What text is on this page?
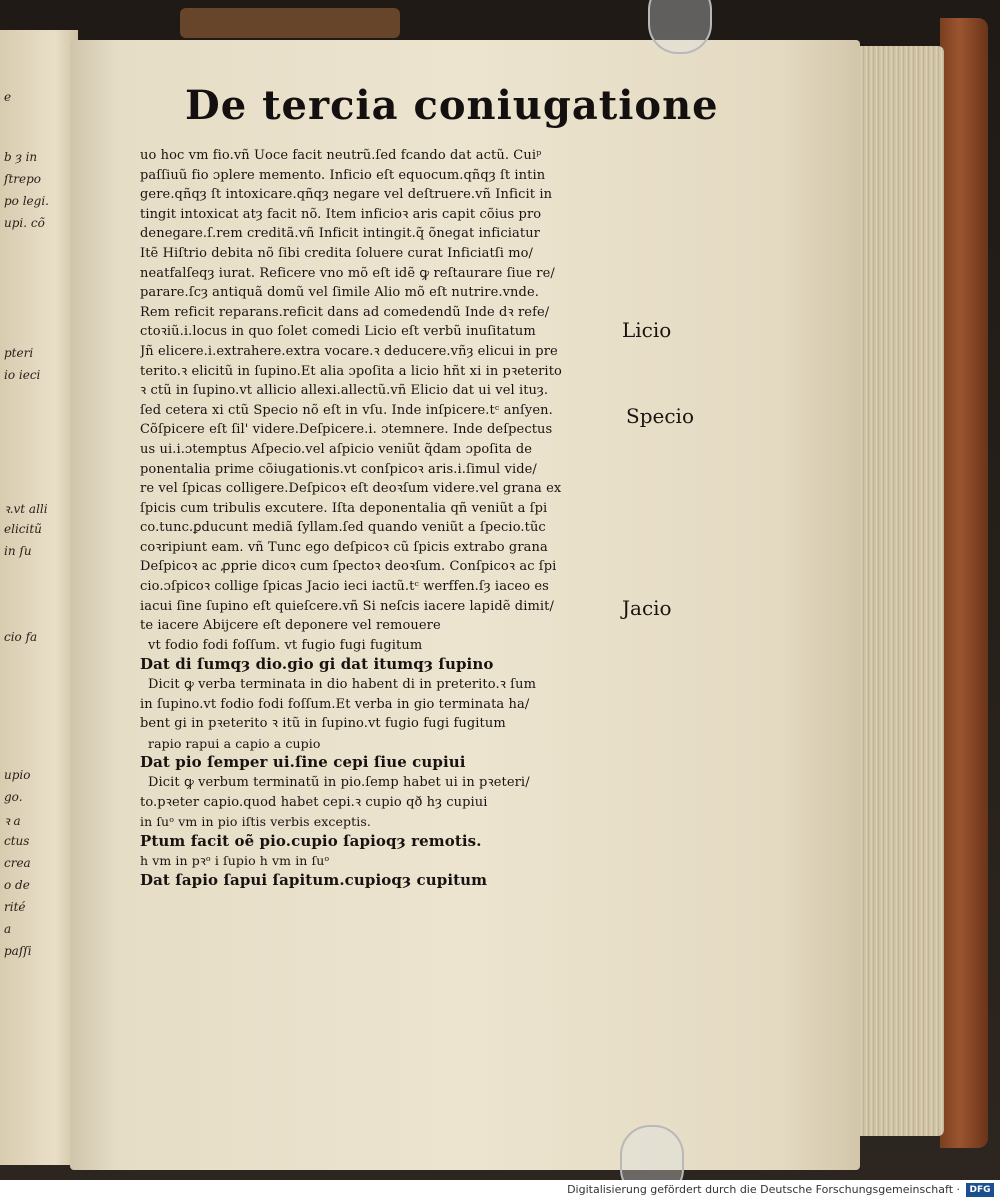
e
b ȝ in
ſtrepo
po legi.
upi. cõ
pteri
io ieci
ꝛ.vt alli
elicitũ
in ſu
cio fa
upio
go.
ꝛ a
ctus
crea
o de
rité
a
paſſi
De tercia coniugatione
uo hoc vm fio.vñ Uoce facit neutrũ.ſed fcando dat actũ. Cuiᵖ
paſſiuũ fio ɔplere memento. Inficio eſt equocum.qñqȝ ſt intin
gere.qñqȝ ſt intoxicare.qñqȝ negare vel deſtruere.vñ Inficit in
tingit intoxicat atȝ facit nõ. Item inficioꝛ aris capit cõius pro
denegare.ſ.rem creditã.vñ Inficit intingit.q̃ õnegat inficiatur
Itẽ Hiſtrio debita nõ ſibi credita ſoluere curat Inficiatſi mo/
neatfalſeqȝ iurat. Reficere vno mõ eſt idẽ ꝙ reſtaurare ſiue re/
parare.ſcȝ antiquã domũ vel ſimile Alio mõ eſt nutrire.vnde.
Rem reficit reparans.reficit dans ad comedendũ Inde dꝛ refe/
ctoꝛiũ.i.locus in quo ſolet comedi Licio eſt verbũ inuſitatum
Jñ elicere.i.extrahere.extra vocare.ꝛ deducere.vñȝ elicui in pre
terito.ꝛ elicitũ in ſupino.Et alia ɔpoſita a licio hñt xi in pꝛeterito
ꝛ ctũ in ſupino.vt allicio allexi.allectũ.vñ Elicio dat ui vel ituȝ.
ſed cetera xi ctũ Specio nõ eſt in vſu. Inde inſpicere.tᶜ anſyen.
Cõſpicere eſt ſil' videre.Deſpicere.i. ɔtemnere. Inde deſpectus
us ui.i.ɔtemptus Aſpecio.vel aſpicio veniũt q̃dam ɔpoſita de
ponentalia prime cõiugationis.vt conſpicoꝛ aris.i.ſimul vide/
re vel ſpicas colligere.Deſpicoꝛ eſt deoꝛſum videre.vel grana ex
ſpicis cum tribulis excutere. Iſta deponentalia qñ veniũt a ſpi
co.tunc.ꝑducunt mediã ſyllam.ſed quando veniũt a ſpecio.tũc
coꝛripiunt eam. vñ Tunc ego deſpicoꝛ cũ ſpicis extrabo grana
Deſpicoꝛ ac ꝓprie dicoꝛ cum ſpectoꝛ deoꝛſum. Conſpicoꝛ ac ſpi
cio.ɔſpicoꝛ collige ſpicas Jacio ieci iactũ.tᶜ werffen.ſȝ iaceo es
iacui ſine ſupino eſt quieſcere.vñ Si neſcis iacere lapidẽ dimit/
te iacere Abijcere eſt deponere vel remouere
vt fodio fodi foſſum. vt fugio fugi fugitum
Dat di ſumqȝ dio.gio gi dat itumqȝ ſupino
Dicit ꝙ verba terminata in dio habent di in preterito.ꝛ ſum
in ſupino.vt fodio fodi foſſum.Et verba in gio terminata ha/
bent gi in pꝛeterito ꝛ itũ in ſupino.vt fugio fugi fugitum
rapio rapui a capio a cupio
Dat pio ſemper ui.ſine cepi ſiue cupiui
Dicit ꝙ verbum terminatũ in pio.ſemp habet ui in pꝛeteri/
to.pꝛeter capio.quod habet cepi.ꝛ cupio qð hȝ cupiui
in ſuᵒ vm in pio iſtis verbis exceptis.
Ptum facit oẽ pio.cupio ſapioqȝ remotis.
h vm in pꝛᵒ i ſupio h vm in ſuᵒ
Dat ſapio ſapui ſapitum.cupioqȝ cupitum
Licio
Specio
Jacio

Digitalisierung gefördert durch die Deutsche Forschungsgemeinschaft ·	DFG
